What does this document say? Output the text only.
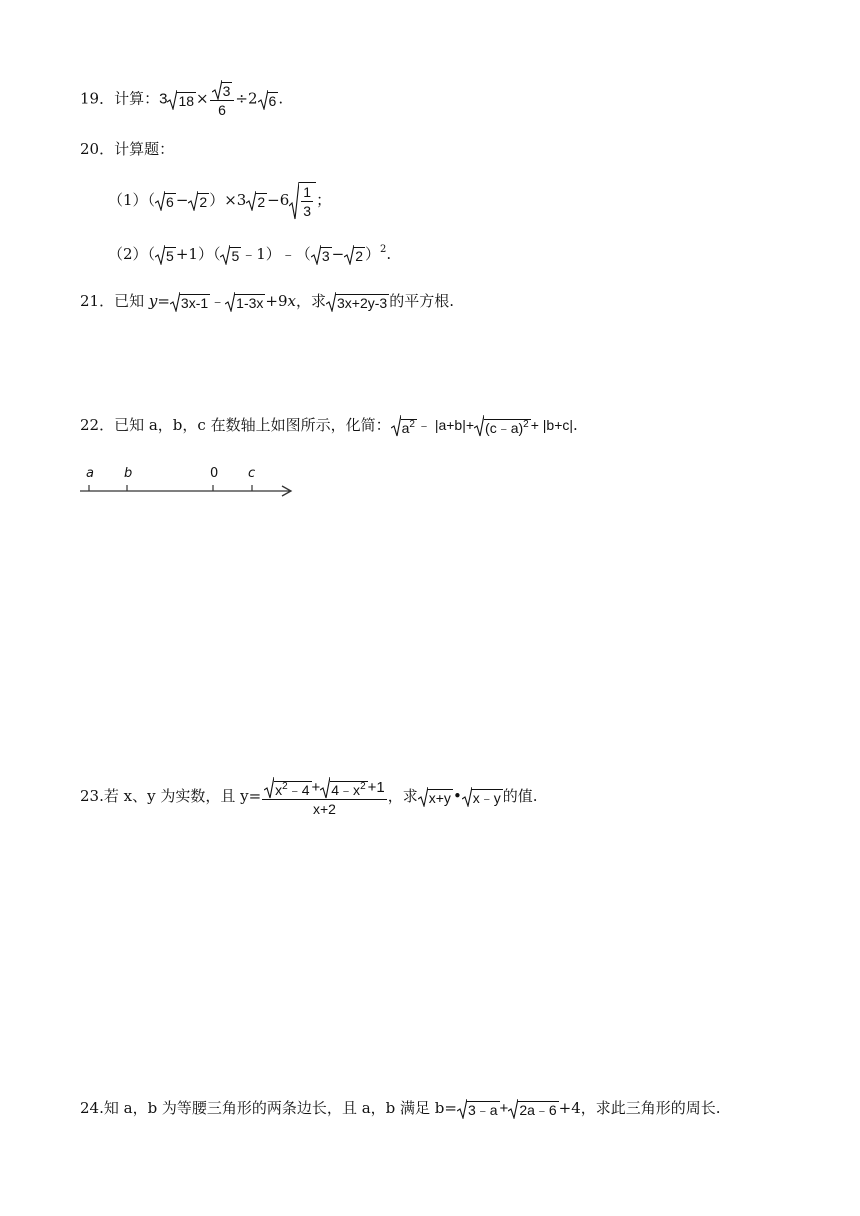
19．计算：3 $18 \times \frac{3}{6} \div 2$ 6 .
20．计算题：
（1）（ 6 − 2 ）×3 $2 -6 \frac{1}{3}$ ；
（2）（ 5 +1）（ 5 ﹣1）﹣（ 3 − 2 ）$^2$.
21．已知 y= 3x-1 ﹣ 1-3x +9x，求 3x+2y-3 的平方根.
22．已知 a，b，c 在数轴上如图所示，化简： $a^2$ ﹣ |a+b|+ (c﹣a)$^2$ + |b+c|.
a b	0 c
23.若 x、y 为实数，且 $y= \frac{x^2﹣4 + 4﹣x^2 +1}{x+2}$ ，求 x+y • x﹣y 的值.
24.知 a，b 为等腰三角形的两条边长，且 a，b 满足 b= 3﹣a + 2a﹣6 +4，求此三角形的周长.
